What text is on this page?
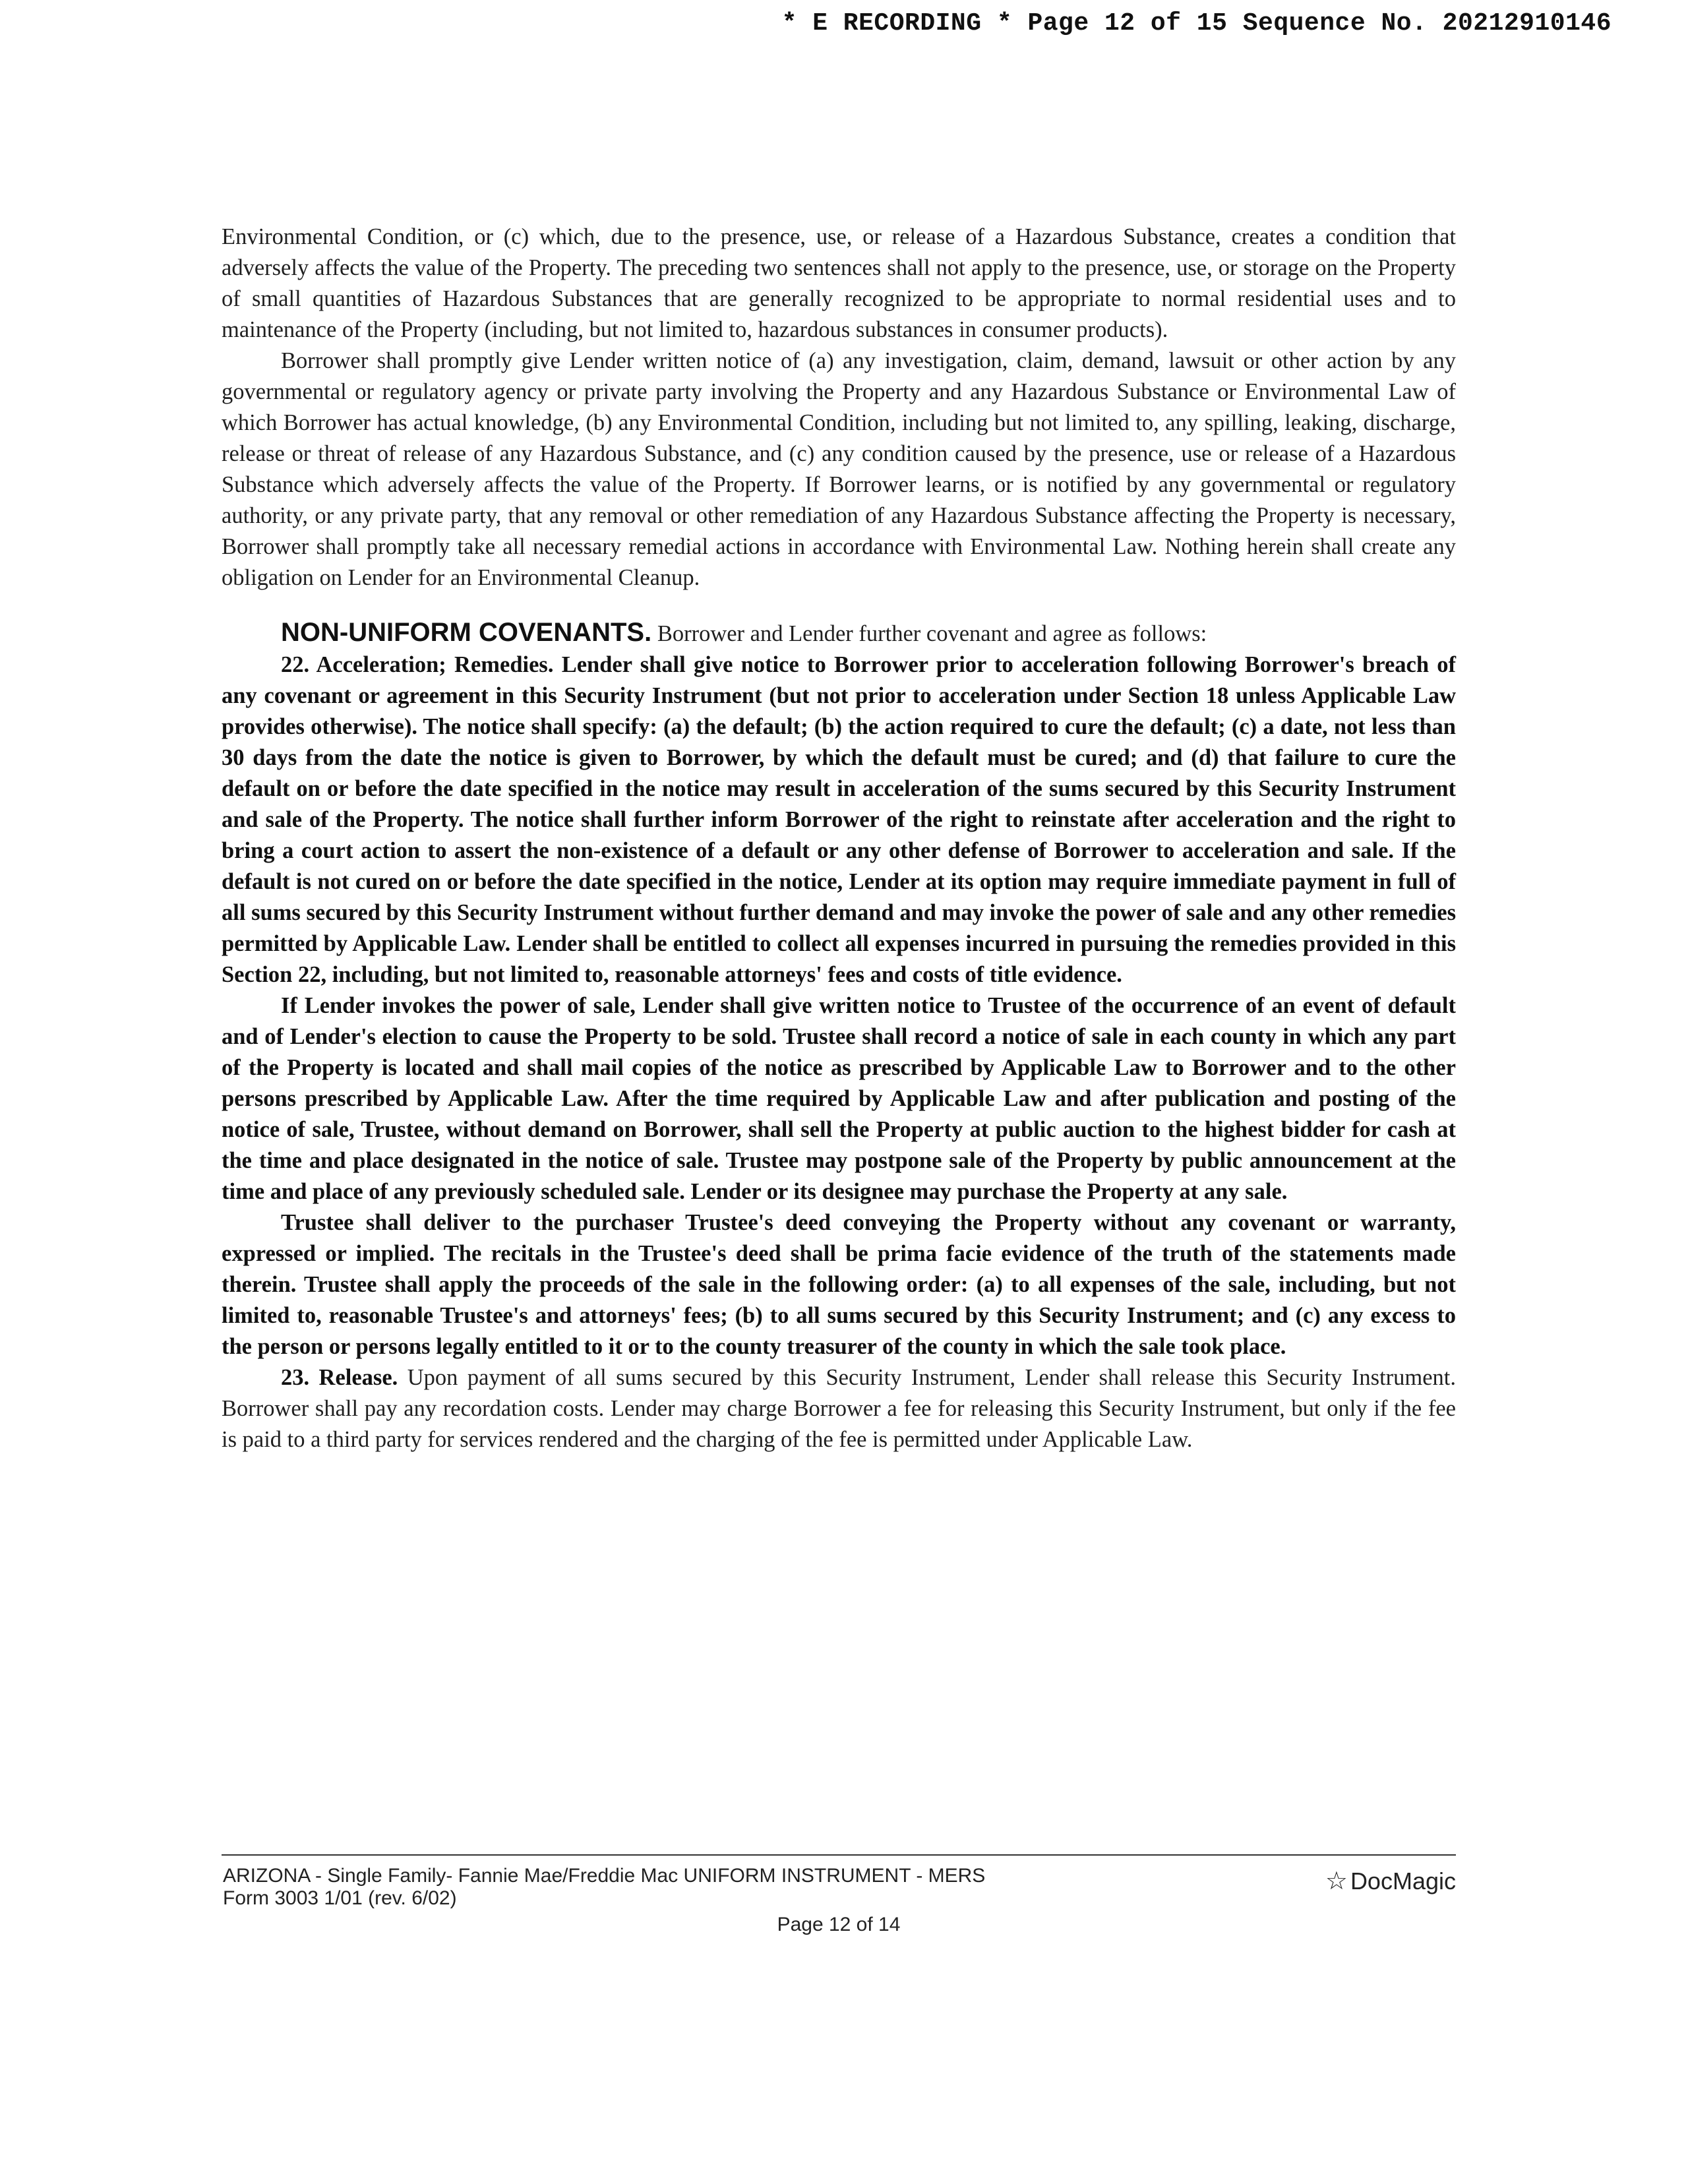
* E RECORDING * Page 12 of 15 Sequence No. 20212910146

Environmental Condition, or (c) which, due to the presence, use, or release of a Hazardous Substance, creates a condition that adversely affects the value of the Property. The preceding two sentences shall not apply to the presence, use, or storage on the Property of small quantities of Hazardous Substances that are generally recognized to be appropriate to normal residential uses and to maintenance of the Property (including, but not limited to, hazardous substances in consumer products).

Borrower shall promptly give Lender written notice of (a) any investigation, claim, demand, lawsuit or other action by any governmental or regulatory agency or private party involving the Property and any Hazardous Substance or Environmental Law of which Borrower has actual knowledge, (b) any Environmental Condition, including but not limited to, any spilling, leaking, discharge, release or threat of release of any Hazardous Substance, and (c) any condition caused by the presence, use or release of a Hazardous Substance which adversely affects the value of the Property. If Borrower learns, or is notified by any governmental or regulatory authority, or any private party, that any removal or other remediation of any Hazardous Substance affecting the Property is necessary, Borrower shall promptly take all necessary remedial actions in accordance with Environmental Law. Nothing herein shall create any obligation on Lender for an Environmental Cleanup.

NON-UNIFORM COVENANTS. Borrower and Lender further covenant and agree as follows:

22. Acceleration; Remedies. Lender shall give notice to Borrower prior to acceleration following Borrower's breach of any covenant or agreement in this Security Instrument (but not prior to acceleration under Section 18 unless Applicable Law provides otherwise). The notice shall specify: (a) the default; (b) the action required to cure the default; (c) a date, not less than 30 days from the date the notice is given to Borrower, by which the default must be cured; and (d) that failure to cure the default on or before the date specified in the notice may result in acceleration of the sums secured by this Security Instrument and sale of the Property. The notice shall further inform Borrower of the right to reinstate after acceleration and the right to bring a court action to assert the non-existence of a default or any other defense of Borrower to acceleration and sale. If the default is not cured on or before the date specified in the notice, Lender at its option may require immediate payment in full of all sums secured by this Security Instrument without further demand and may invoke the power of sale and any other remedies permitted by Applicable Law. Lender shall be entitled to collect all expenses incurred in pursuing the remedies provided in this Section 22, including, but not limited to, reasonable attorneys' fees and costs of title evidence.

If Lender invokes the power of sale, Lender shall give written notice to Trustee of the occurrence of an event of default and of Lender's election to cause the Property to be sold. Trustee shall record a notice of sale in each county in which any part of the Property is located and shall mail copies of the notice as prescribed by Applicable Law to Borrower and to the other persons prescribed by Applicable Law. After the time required by Applicable Law and after publication and posting of the notice of sale, Trustee, without demand on Borrower, shall sell the Property at public auction to the highest bidder for cash at the time and place designated in the notice of sale. Trustee may postpone sale of the Property by public announcement at the time and place of any previously scheduled sale. Lender or its designee may purchase the Property at any sale.

Trustee shall deliver to the purchaser Trustee's deed conveying the Property without any covenant or warranty, expressed or implied. The recitals in the Trustee's deed shall be prima facie evidence of the truth of the statements made therein. Trustee shall apply the proceeds of the sale in the following order: (a) to all expenses of the sale, including, but not limited to, reasonable Trustee's and attorneys' fees; (b) to all sums secured by this Security Instrument; and (c) any excess to the person or persons legally entitled to it or to the county treasurer of the county in which the sale took place.

23. Release. Upon payment of all sums secured by this Security Instrument, Lender shall release this Security Instrument. Borrower shall pay any recordation costs. Lender may charge Borrower a fee for releasing this Security Instrument, but only if the fee is paid to a third party for services rendered and the charging of the fee is permitted under Applicable Law.

ARIZONA - Single Family- Fannie Mae/Freddie Mac UNIFORM INSTRUMENT - MERS
Form 3003 1/01 (rev. 6/02)
☆ DocMagic
Page 12 of 14
